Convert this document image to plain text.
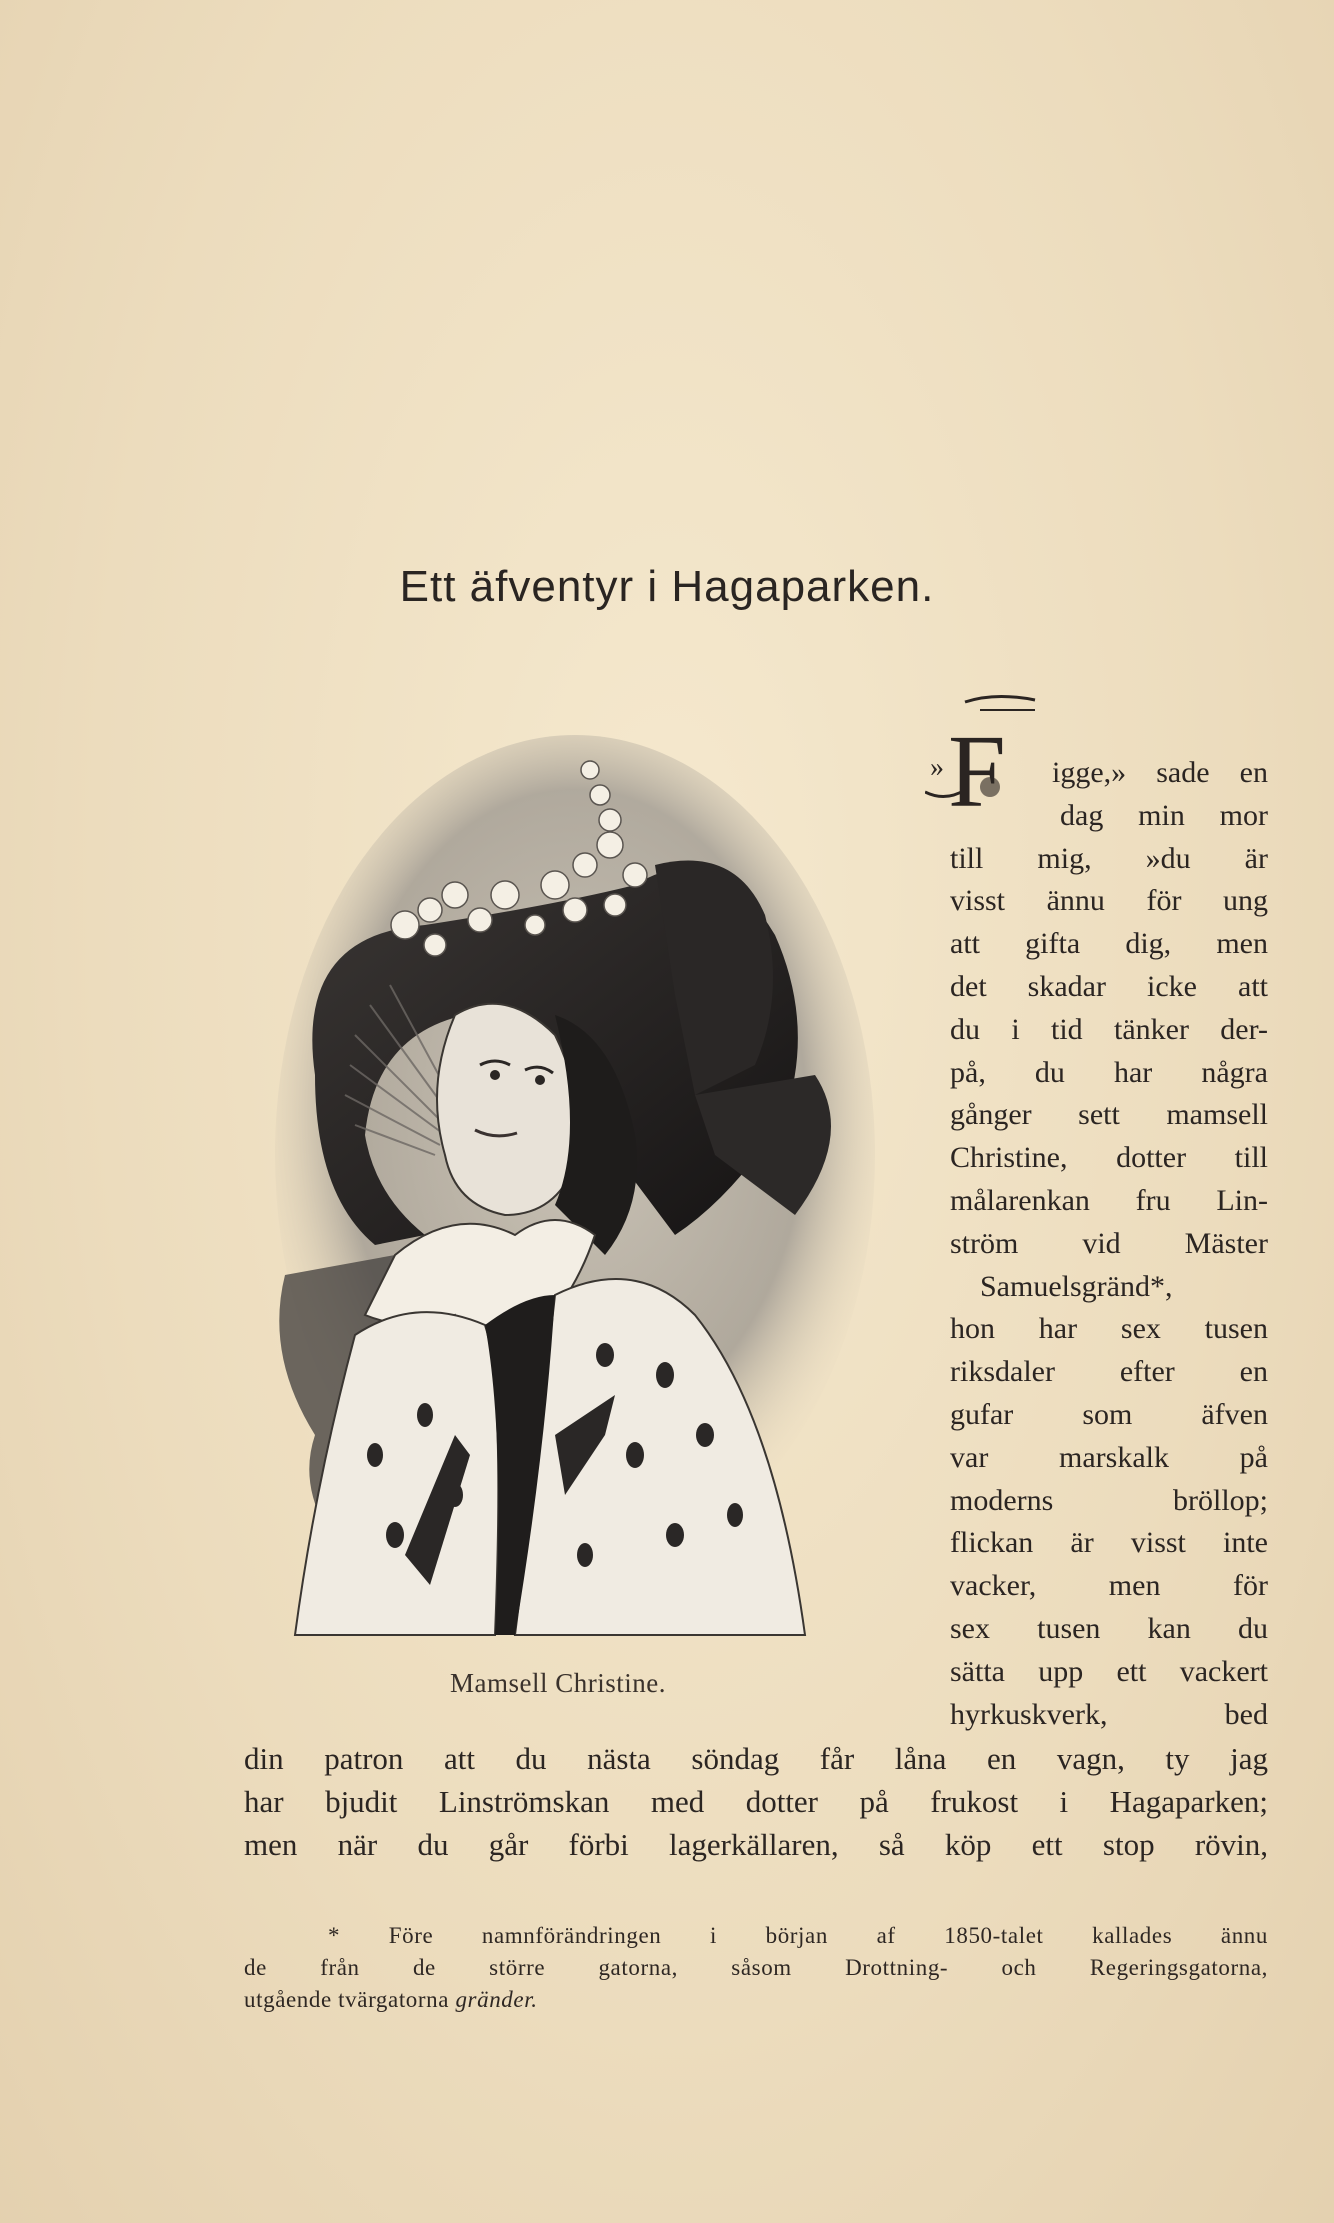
Ett äfventyr i Hagaparken.
Mamsell Christine.
»F	igge,» sade en
dag min mor
till mig, »du är
visst ännu för ung
att gifta dig, men
det skadar icke att
du i tid tänker der-
på, du har några
gånger sett mamsell
Christine, dotter till
målarenkan fru Lin-
ström vid Mäster
Samuelsgränd*,
hon har sex tusen
riksdaler efter en
gufar som äfven
var marskalk på
moderns bröllop;
flickan är visst inte
vacker, men för
sex tusen kan du
sätta upp ett vackert
hyrkuskverk, bed
din patron att du nästa söndag får låna en vagn, ty jag
har bjudit Linströmskan med dotter på frukost i Hagaparken;
men när du går förbi lagerkällaren, så köp ett stop rövin,
* Före namnförändringen i början af 1850-talet kallades ännu
de från de större gatorna, såsom Drottning- och Regeringsgatorna,
utgående tvärgatorna gränder.
